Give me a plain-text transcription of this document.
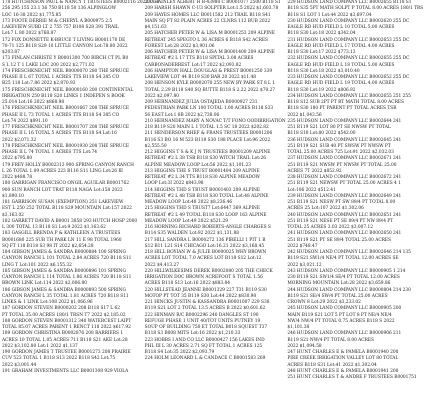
178 HUTCHINSON PAUL & NANCY T TRUSTEES B0002116 2022.11.8
256 295 155 23.1 36 750 B118 50 136 ALPINGLOW
LOC 16-38 2022 $1,775.85
173 FOOTE DERRIE M & CHERYL A B000975 2.5
LAKEVIEW SUBD LT 2 755 757 B108 S28 391 TRAIL
Lot:7 L 80 2022 $768.87
172 FOX DONNETTE K-BRUCE T LIVING B0001170 DE
70-71 125 B118 S29 10 LITTLE CANYON Lot:78.80 2022
$203.87
173 FINLAN CHRISTE Y B0001300 700 BIRCH CT PL B0
S L 12 T 1 LAKE LOC 200 2022 $2,771.02
174 FRESCHKNECHT NEIL B0000070 280 THE SPRUCE
PHASE II L 67 TOTAL 1 ACRES TTS B118 S4 385 CO
B25 118 Lot:7.86 2022 $2,870.93
175 FRESCHKNECHT NEIL B0000160 200 CONTINENTAL
IRRIGATION 250 B118 S20 LINKS 1 INDEPEN S BOOK
25.014 Lot:16 2022 $868.98
176 FRESCHKNECHT NEIL B0001667 208 THE SPRUCE
PHASE II L 73 TOTAL 1 ACRES TTS B118 S4 385 CO
Lot:74 2022 $891.10
177 FRESCHKNECHT NEIL B0001707 208 THE SPRUCE
PHASE II L 16 TOTAL 5 ACRES TTS B118 S4 Lot:16
2022 $2,071.32
178 FRESCHKNECHT NEIL B0001930 208 THE SPRUCE
PHASE II L 74 TOTAL 1 ACRES TTS Lot:74
2022 $795.80
179 FREY HOLLY B0002313 900 SPRING CANYON RANCH
L 26 TOTAL 1.09 ACRES 223 B116 S11 LING Lot:26 IE
2022 $488.78
180 GARRIGAN FRANCISCO ONGIL AGUILAR B0001762
900 SUN RANCH LOT TRAT B118 NAGA Lot:158 2022
$1,890.10
181 GARRISON SUSAN (EXEMPTION) 251 LAKEVIEW
EST L 250 252 TOTAL B118 S29 MOUNTAIN Lot:157 2022
$3,163.02
182 GARRETT DAVID A B0001 3858 293 HUTCH HOSP 2000
L 300 TOTAL 13 B118 S1 Lot:9 2022 $1,163.62
183 GASGILL BRENDA P & KATHLEEN A TRUSTEES
B0001680 225 SUB TH PARK LN 11 E 98 TOTAL 1960
SQ FT 118 B118 S3 98 IT 2022 $2,654.28
184 GIBSON JAMES & SANDRA B0000884 100 SPRING
CANYON RANCH L 101 TOTAL 2.84 ACRES 720 B118 S11
LING T Lot:101 2022 $6,155.32
185 GIBSON JAMES & SANDRA B0000896 101 SPRING
CANYON RANCH L 114 TOTAL 1.86 ACRES 720 B118 S11
BROWN LINK Lot:114 2022 $2,006.80
186 GIBSON JAMES & SANDRA B0000893 500 SPRING
CANYON RANCH L 35 TOTAL 1.81 ACRES 720 B118 S11
LINKS & 1 LINK Lot:108 2022 $1,066.96
187 GORDON STEVEN B0000202 208 B118 S17 L 62
PT TOTAL 35.00 ACRES 180/1 TRSN T7 2022 $2,185.02
188 GORDON STEVEN B0001312 340 WATERCEST LAIPT
TOTAL 85.07 ACRES PARENT 1 RENCT 118 2022 $617.92
189 GORDON CHRISTINA B0002876 208 BARRIERS 1
ACRES 10 TOTAL 1.05 ACRES 711 B118 S21 AKE Lot:28
2022 $3,102.80 Lot:1 2022 $1,137
190 GORDON JAMES T TRUSTEE B0001273 208 PRAIRIE
CUV 523 TOTAL 1 B118 S13 2022 B118 S42 Lot:75
2022 $3,001.44
191 GRAHAM INVESTMENTS LLC B0001308 929 VIOLA
200 HAINLEY ALBERT H B-43988 C B0001077 2500 B118 S1
209 HARSH SHAWN C-U3 SOLPTER Lot:1.5 2022 $1,603.78
209 HAYES HOMES LLC B0011582 212 TRAIL B118 S41
MAIN SQ FT 82 PLAIN ACRES 22 CLNRS 112 BUB 2022
$4,151.63
205 HATCHER PETER W & LISA M B0001253 209 ALPINE
RETREAT 245 SPEGTO L 36 ACRES 6 B118 S42 ACRES
FOREST Lot:28 2022 $3,901.06
206 HATCHER PETER W & LISA M B0001400 209 ALPINE
RETREAT #2 L 17 TTS B118 SPITAL 3.08 ACRES
CARBONADERREST Lot:17 2022 $2,093.82
206 HAMPTON HALL DOUGLAS & PREST B0001250 339
LAKEVIEW LOT 44 B119 S30 BAR 20 2022 $11.48
208 HENSON KYLE B0002070 255 NEW BY PARK ST 8 L 1
TOTAL 2.29 B118 S40 SQ BUTTE B118 S 2.22 2022 $70.27
2022 $2,097.80
209 HERNANDEZ JULIA OSTAJEDA B0000927 231
PEDESTRIAN PARK LN 100 TOTAL 1.00 ACRES B118 S33
56 EAST Lot:1 8B 2022 $2,738.06
210 HERNANDEZ MARY A NOVAC T/T FONO OODIRRIGATION
218 B119 S20 MAIN L 1 TOTAL 1.5 SC 18 2022 $202.82
211 HENDERSON RHEF & FRANS TRUSTEES B0001206
B116 S3 BO 16 M 523 B118 S30 188 PLACE Lot:96 2022
$2,555.50
212 HIGGINS T S & K J N TRUSTEES B0001209 ALPINE
RETREAT #2 L 38 TSB B118 S30 WITCH TRAIL Lot:26
ALPINE MEADOW LOOP Lot:56 2022 $1,101.23
213 HIGGINS THE S TRUST B0001404 209 ALPINE
RETREAT #2 L 34 TTS B118 S30 ALPINE MEADOW
LOOP Lot:3I 2022 $843.98
214 HIGGINS THD S TRUST B0001403 209 ALPINE
RETREAT #2 L 48 TSB B118 S30 TOTAL Lot:48 ALPINE
MEADOW LOOP Lot:48 2022 $8,236.46
215 HIGGINS THD S TRUST7 Lot:6447 369 ALPINE
RETREAT #2 L 49 TOTAL B118 S30 LOOP 163 ALPINE
MEADOW LOOP Lot:49 2022 $521.29
216 HORNING RICHARD ROBERTS-ANGLE CHARGES S
B114 S35 WALDEN Lot:92 2022 $1,131.88
217 HILL SANDRA L B0000272 136 PIRELLI 1 PIT 1 B
S12 B11 L21 S14 CHICAGO Lot:16.21 2022 $3,168.45
218 HILL BOYIAN W & JULIE B0000025 WHY BROWN
ACRES LOT TOTAL 7.0 ACRES LOT B118 S12 Lot:12
2022 $4,413.27
220 HILLWILKESIMS DEREK B0002080 205 THE CHECK
IRRIGATION DOC BROWN ACREFOOT S TOTAL 1.56
ACRES B118 S13 Lot:16 2022 $883.84
220 HILLSTEAD JEANNE B0001329 227 T31 B119 S30
MOTOP PT TOT 35 B119 S30 Lot:44 2022 $830.98
221 HINCKS JUSTIN & KASSANDRA B0001007 229 S38
B119 S21 LOT 2 TOTAL 13.5 ACRES B 2022 $0,601.62
222 HINMAN R/C B0002296 240 DANGLES ST 190
REFUGE PHASE 1 UNIT 40/TOT UNITS PUTNEY 19
SOUP OF BUILDING 750 ET TOTAL B018 SQUEST T37
B118 S3 B008 MITS Lot:16 2022 $1,210.33
223 HOBBS I AND CO LLC B0000427 156 LAKES IND
PHL III L 30 ACRES 2.71 SQ FT TOTAL 1 ACRES 125
B118 S4 Lot:35 2022 $2,093.79
224 HOLM LEONARD L & CANDACE C B0001583 269
229 HUDSON LAND COMPANY LLC B0002655 B118 S1
B118 S35 5PT MATH SOLPT P TOTAL 8.00 ACRES 180/1 TRS
B118 S1 LOT 1 Lot:44 2022 $3,697.04
230 HUDSON LAND COMPANY LLC B0002620 255 DC
EAGLE RD HUD FIELD L 10 TOTAL 5.00 ACRES
B118 S30 Lot:18 2022 $342.04
231 HUDSON LAND COMPANY LLC B0002653 255 DC
EAGLE RD HUD FIELD L 17 TOTAL 4.00 ACRES
B118 S30 Lot:17 2022 $773.13
232 HUDSON LAND COMPANY LLC B0002655 255 DC
EAGLE RD HUD FIELD L 18 TOTAL 5.00 ACRES
B118 S30 Lot:18 2022 $3,010.40
233 HUDSON LAND COMPANY LLC B0002652 255 DC
EAGLE RD HUD FIELD L 19 TOTAL 4.00 ACRES
B118 S30 Lot:19 2022 $806.92
234 HUDSON LAND COMPANY LLC B0002655 251 255
B118 S12 SUB 2PT PT RT MATH TOTAL 8.00 ACRES
B118 S30 180 PT PARENT PT TOTAL ACRES TSR
2022 $1,043.56
235 HUDSON LAND COMPANY LLC B0002644 241
251 B119 S21 LOT 80 PT SE NWSW PT TOTAL
B118 S18 Lot:80 2022 $542.00
236 HUDSON LAND COMPANY LLC B0002645 241
251 B119 S21 SUB 40 PT SWSW PT NWSW PT
TOTAL 25.00 ACRES 725 Lot:91 2022 $2,032.03
237 HUDSON LAND COMPANY LLC B0002671 241
251 B119 S21 NWSW PT NWSW PT TOTAL 25.00
ACRES 7T 2022 $852.92
238 HUDSON LAND COMPANY LLC B0002672 241
251 B119 S21 NEWSW PT TOTAL 25.00 ACRES 4 1
Lot:106 2022 $512.41
239 HUDSON LAND COMPANY LLC B0002649 241
251 B119 S21 NESW PT SW 89/4 PT TOTAL 8.00
ACRES 25 Lot:107 2022 $1,302.06
240 HUDSON LAND COMPANY LLC B0002651 241
251 B119 S21 NESE PT SE 89/4 PT NW 89/4 PT
TOTAL 25 ACRES 3.03 2022 $3,007.12
241 HUDSON LAND COMPANY LLC B0002650 241
251 B119 S21 PT SE 89/4 TOTAL 25.00 ACRES
2022 $748.47
242 HUDSON LAND COMPANY LLC B0002646 214 135
B119 S21 SW1/4 NE/4 PT TOTAL 12.00 ACRES SE
2022 $3,021.12
243 HUDSON LAND COMPANY LLC B0000905 1 214
230 B119 S21 SW1/4 SE/4 PT TOTAL 12.00 ACRES
MORNING MOUNTAIN Lot:28 2022 $3,659.86
244 HUDSON LAND COMPANY LLC B0000804 214 230
B119 S21 SE/4 SW/4 PT TOTAL 25.00 ACRES
CROWN 8 Lot:29 2022 $3,233.02
245 HUDSON LAND COMPANY LLC B0000905 200
MAIN B119 S21 LOT 5 PT LOT 8 PT NE/4 NE/4
NW/4 NW/4 PT TOTAL 0.75 ACRES B118 S 2022
$1,101.38
246 HUDSON LAND COMPANY LLC B0000906 211
B119 S21 NW/4 PT TOTAL 8.00 ACRES
2022 $1,094.58
247 HUNT CHARLES E & PAMELA B0001940 200
PIRE CREEK IRRIGATION VALLEY LOT 80 TOTAL
ACRES B118 S31 Lot:41 2022 $1,302.04
248 HUNT CHARLES E & PAMELA B0001941 200
251 HUNT CHARLES T & ANDRE F TRUSTEES B0001751
